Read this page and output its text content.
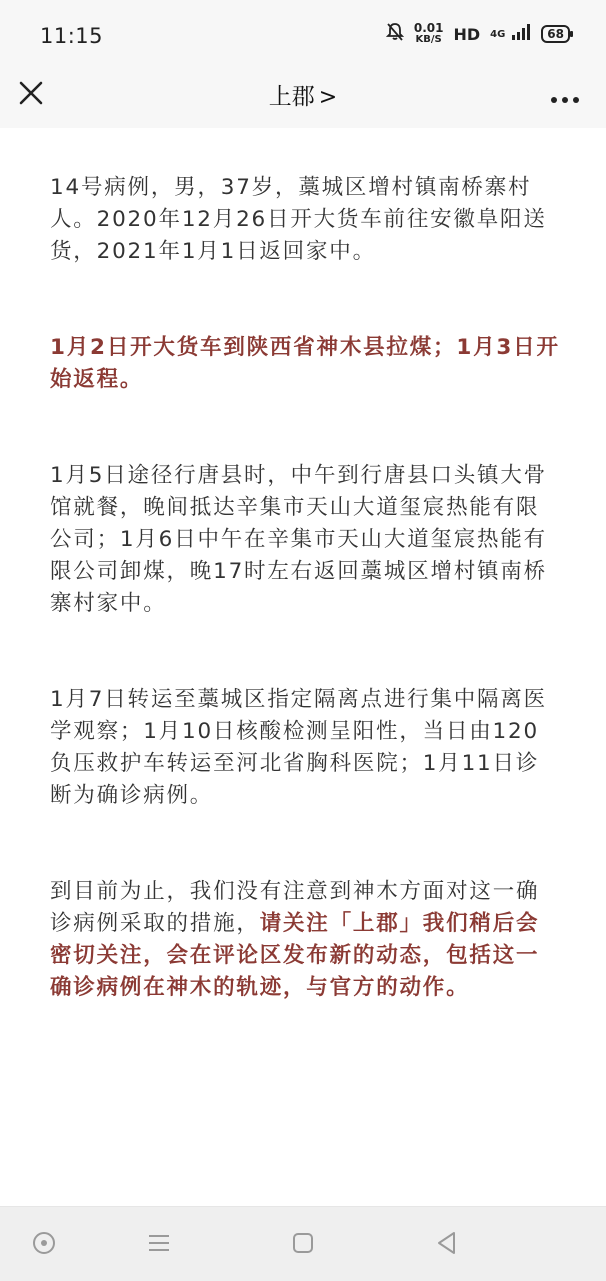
11:15	0.01
KB/S HD 4G	68
上郡 >

14号病例，男，37岁，藁城区增村镇南桥寨村人。2020年12月26日开大货车前往安徽阜阳送货，2021年1月1日返回家中。

1月2日开大货车到陕西省神木县拉煤；1月3日开始返程。

1月5日途径行唐县时，中午到行唐县口头镇大骨馆就餐，晚间抵达辛集市天山大道玺宸热能有限公司；1月6日中午在辛集市天山大道玺宸热能有限公司卸煤，晚17时左右返回藁城区增村镇南桥寨村家中。

1月7日转运至藁城区指定隔离点进行集中隔离医学观察；1月10日核酸检测呈阳性，当日由120负压救护车转运至河北省胸科医院；1月11日诊断为确诊病例。

到目前为止，我们没有注意到神木方面对这一确诊病例采取的措施，请关注「上郡」我们稍后会密切关注，会在评论区发布新的动态，包括这一确诊病例在神木的轨迹，与官方的动作。
